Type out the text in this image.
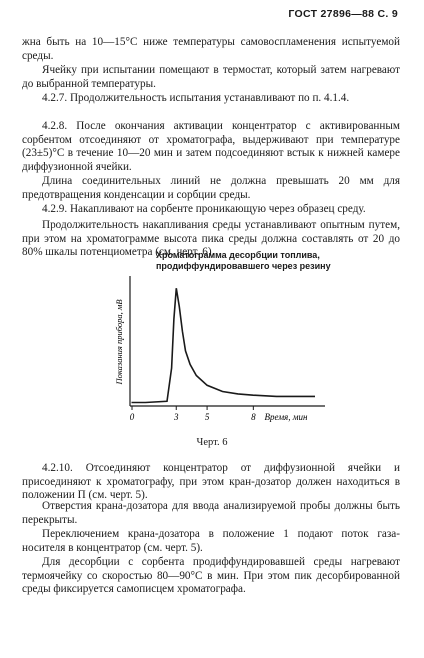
ГОСТ 27896—88 С. 9

жна быть на 10—15°С ниже температуры самовоспламенения испытуемой среды.

Ячейку при испытании помещают в термостат, который затем нагревают до выбранной температуры.

4.2.7. Продолжительность испытания устанавливают по п. 4.1.4.

4.2.8. После окончания активации концентратор с активированным сорбентом отсоединяют от хроматографа, выдерживают при температуре (23±5)°С в течение 10—20 мин и затем подсоединяют встык к нижней камере диффузионной ячейки.

Длина соединительных линий не должна превышать 20 мм для предотвращения конденсации и сорбции среды.

4.2.9. Накапливают на сорбенте проникающую через образец среду.

Продолжительность накапливания среды устанавливают опытным путем, при этом на хроматограмме высота пика среды должна составлять от 20 до 80% шкалы потенциометра (см. черт. 6).

Хроматограмма десорбции топлива,
продиффундировавшего через резину
Показания прибора, мВ
0	3	5	8 Время, мин
Черт. 6

4.2.10. Отсоединяют концентратор от диффузионной ячейки и присоединяют к хроматографу, при этом кран-дозатор должен находиться в положении П (см. черт. 5).

Отверстия крана-дозатора для ввода анализируемой пробы должны быть перекрыты.

Переключением крана-дозатора в положение 1 подают поток газа-носителя в концентратор (см. черт. 5).

Для десорбции с сорбента продиффундировавшей среды нагревают термоячейку со скоростью 80—90°С в мин. При этом пик десорбированной среды фиксируется самописцем хроматографа.
